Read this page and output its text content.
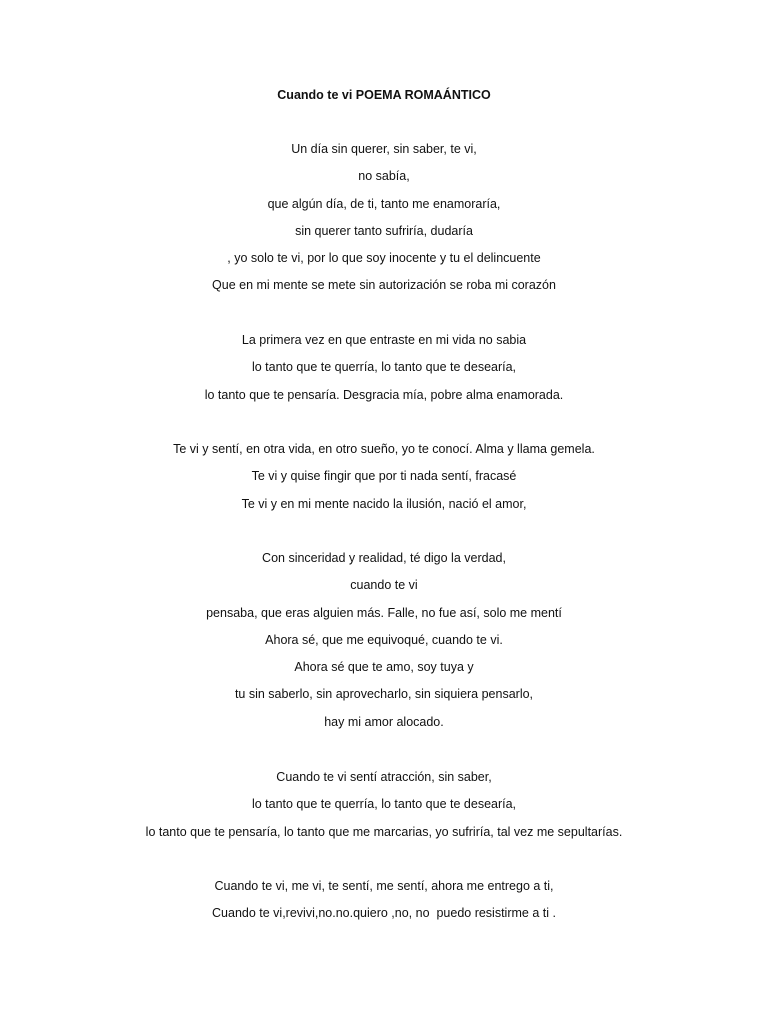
Cuando te vi POEMA ROMAÁNTICO
Un día sin querer, sin saber, te vi,
no sabía,
que algún día, de ti, tanto me enamoraría,
sin querer tanto sufriría, dudaría
, yo solo te vi, por lo que soy inocente y tu el delincuente
Que en mi mente se mete sin autorización se roba mi corazón
La primera vez en que entraste en mi vida no sabia
lo tanto que te querría, lo tanto que te desearía,
lo tanto que te pensaría. Desgracia mía, pobre alma enamorada.
Te vi y sentí, en otra vida, en otro sueño, yo te conocí. Alma y llama gemela.
Te vi y quise fingir que por ti nada sentí, fracasé
Te vi y en mi mente nacido la ilusión, nació el amor,
Con sinceridad y realidad, té digo la verdad,
cuando te vi
pensaba, que eras alguien más. Falle, no fue así, solo me mentí
Ahora sé, que me equivoqué, cuando te vi.
Ahora sé que te amo, soy tuya y
tu sin saberlo, sin aprovecharlo, sin siquiera pensarlo,
hay mi amor alocado.
Cuando te vi sentí atracción, sin saber,
lo tanto que te querría, lo tanto que te desearía,
lo tanto que te pensaría, lo tanto que me marcarias, yo sufriría, tal vez me sepultarías.
Cuando te vi, me vi, te sentí, me sentí, ahora me entrego a ti,
Cuando te vi,revivi,no.no.quiero ,no, no  puedo resistirme a ti .
